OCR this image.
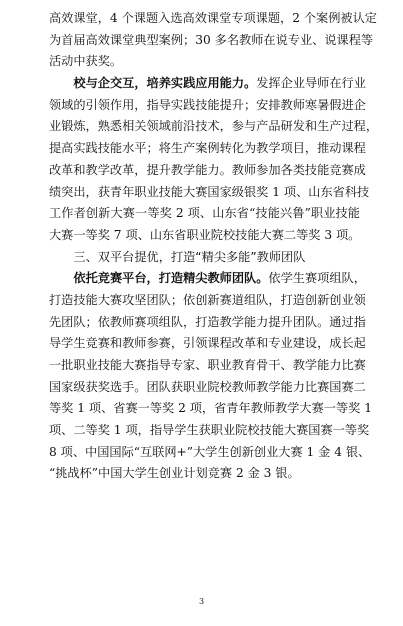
高效课堂，4 个课题入选高效课堂专项课题，2 个案例被认定
为首届高效课堂典型案例；30 多名教师在说专业、说课程等
活动中获奖。
校与企交互，培养实践应用能力。发挥企业导师在行业
领域的引领作用，指导实践技能提升；安排教师寒暑假进企
业锻炼，熟悉相关领域前沿技术，参与产品研发和生产过程，
提高实践技能水平；将生产案例转化为教学项目，推动课程
改革和教学改革，提升教学能力。教师参加各类技能竞赛成
绩突出，获青年职业技能大赛国家级银奖 1 项、山东省科技
工作者创新大赛一等奖 2 项、山东省“技能兴鲁”职业技能
大赛一等奖 7 项、山东省职业院校技能大赛二等奖 3 项。
三、双平台提优，打造“精尖多能”教师团队
依托竞赛平台，打造精尖教师团队。依学生赛项组队，
打造技能大赛攻坚团队；依创新赛道组队，打造创新创业领
先团队；依教师赛项组队，打造教学能力提升团队。通过指
导学生竞赛和教师参赛，引领课程改革和专业建设，成长起
一批职业技能大赛指导专家、职业教育骨干、教学能力比赛
国家级获奖选手。团队获职业院校教师教学能力比赛国赛二
等奖 1 项、省赛一等奖 2 项，省青年教师教学大赛一等奖 1
项、二等奖 1 项，指导学生获职业院校技能大赛国赛一等奖
8 项、中国国际“互联网+”大学生创新创业大赛 1 金 4 银、
“挑战杯”中国大学生创业计划竞赛 2 金 3 银。
3
